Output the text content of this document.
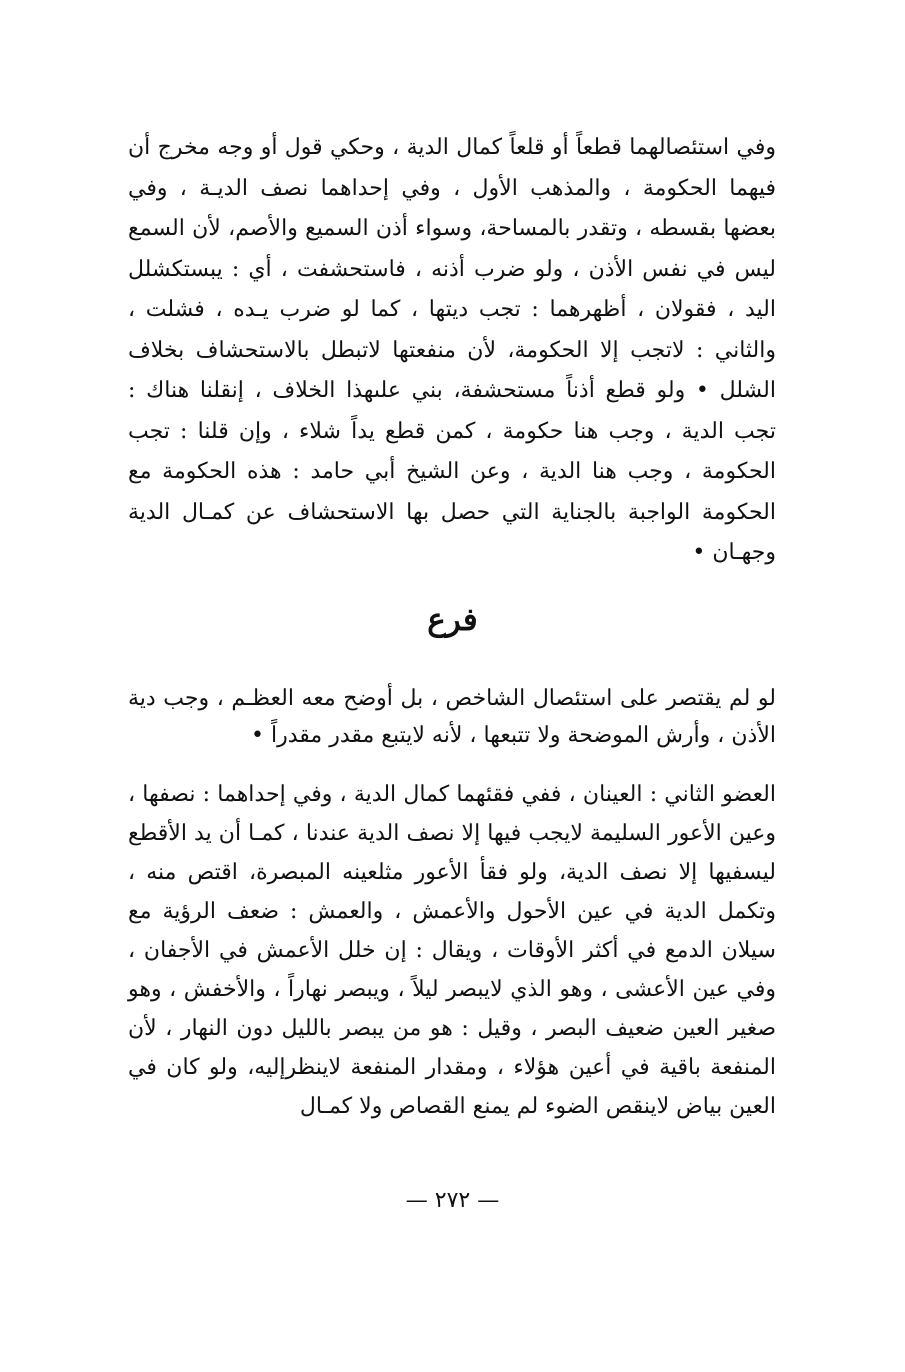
وفي استئصالهما قطعاً أو قلعاً كمال الدية ، وحكي قول أو وجه مخرج أن فيهما الحكومة ، والمذهب الأول ، وفي إحداهما نصف الديـة ، وفي بعضها بقسطه ، وتقدر بالمساحة، وسواء أذن السميع والأصم، لأن السمع ليس في نفس الأذن ، ولو ضرب أذنه ، فاستحشفت ، أي : يبستكشلل اليد ، فقولان ، أظهرهما : تجب ديتها ، كما لو ضرب يـده ، فشلت ، والثاني : لاتجب إلا الحكومة، لأن منفعتها لاتبطل بالاستحشاف بخلاف الشلل • ولو قطع أذناً مستحشفة، بني علىهذا الخلاف ، إنقلنا هناك : تجب الدية ، وجب هنا حكومة ، كمن قطع يداً شلاء ، وإن قلنا : تجب الحكومة ، وجب هنا الدية ، وعن الشيخ أبي حامد : هذه الحكومة مع الحكومة الواجبة بالجناية التي حصل بها الاستحشاف عن كمـال الدية وجهـان •

فرع

لو لم يقتصر على استئصال الشاخص ، بل أوضح معه العظـم ، وجب دية الأذن ، وأرش الموضحة ولا تتبعها ، لأنه لايتبع مقدر مقدراً •

العضو الثاني : العينان ، ففي فقئهما كمال الدية ، وفي إحداهما : نصفها ، وعين الأعور السليمة لايجب فيها إلا نصف الدية عندنا ، كمـا أن يد الأقطع ليسفيها إلا نصف الدية، ولو فقأ الأعور مثلعينه المبصرة، اقتص منه ، وتكمل الدية في عين الأحول والأعمش ، والعمش : ضعف الرؤية مع سيلان الدمع في أكثر الأوقات ، ويقال : إن خلل الأعمش في الأجفان ، وفي عين الأعشى ، وهو الذي لايبصر ليلاً ، ويبصر نهاراً ، والأخفش ، وهو صغير العين ضعيف البصر ، وقيل : هو من يبصر بالليل دون النهار ، لأن المنفعة باقية في أعين هؤلاء ، ومقدار المنفعة لاينظرإليه، ولو كان في العين بياض لاينقص الضوء لم يمنع القصاص ولا كمـال

— ٢٧٢ —
